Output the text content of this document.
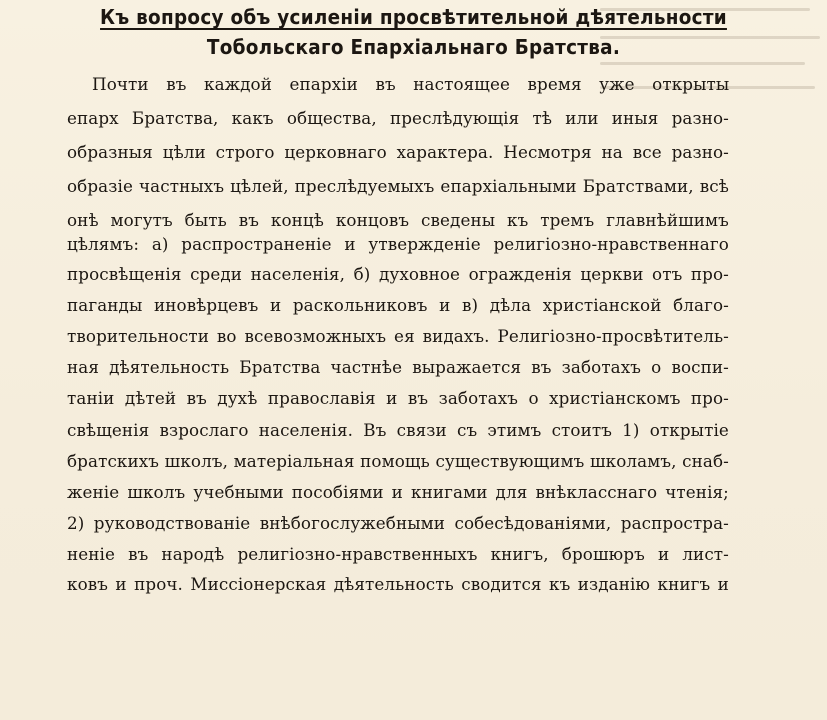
Къ вопросу объ усиленіи просвѣтительной дѣятельности
Тобольскаго Епархіальнаго Братства.
Почти въ каждой епархіи въ настоящее время уже открыты
епарх Братства, какъ общества, преслѣдующія тѣ или иныя разно-
образныя цѣли строго церковнаго характера. Несмотря на все разно-
образіе частныхъ цѣлей, преслѣдуемыхъ епархіальными Братствами, всѣ
онѣ могутъ быть въ концѣ концовъ сведены къ тремъ главнѣйшимъ
цѣлямъ: а) распространеніе и утвержденіе религіозно-нравственнаго
просвѣщенія среди населенія, б) духовное огражденія церкви отъ про-
паганды иновѣрцевъ и раскольниковъ и в) дѣла христіанской благо-
творительности во всевозможныхъ ея видахъ. Религіозно-просвѣтитель-
ная дѣятельность Братства частнѣе выражается въ заботахъ о воспи-
таніи дѣтей въ духѣ православія и въ заботахъ о христіанскомъ про-
свѣщенія взрослаго населенія. Въ связи съ этимъ стоитъ 1) открытіе
братскихъ школъ, матеріальная помощь существующимъ школамъ, снаб-
женіе школъ учебными пособіями и книгами для внѣкласснаго чтенія;
2) руководствованіе внѣбогослужебными собесѣдованіями, распростра-
неніе въ народѣ религіозно-нравственныхъ книгъ, брошюръ и лист-
ковъ и проч. Миссіонерская дѣятельность сводится къ изданію книгъ и
